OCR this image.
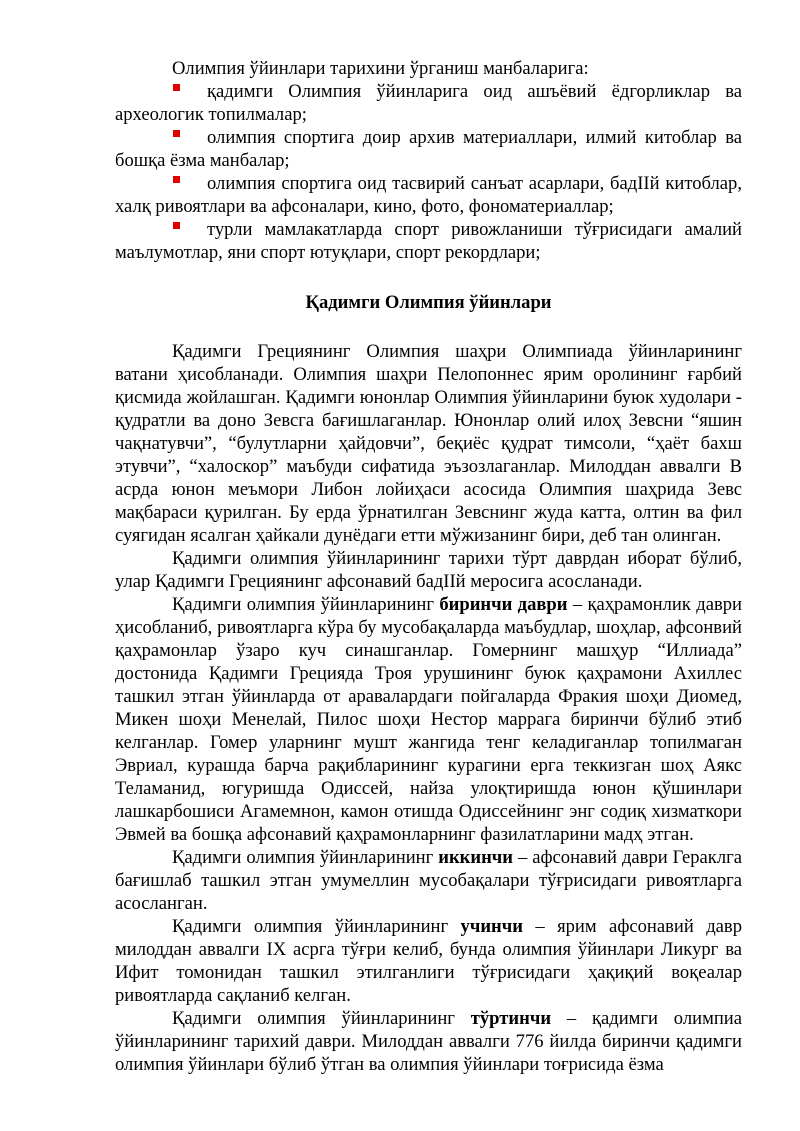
Олимпия ўйинлари тарихини ўрганиш манбаларига:

қадимги Олимпия ўйинларига оид ашъёвий ёдгорликлар ва археологик топилмалар;

олимпия спортига доир архив материаллари, илмий китоблар ва бошқа ёзма манбалар;

олимпия спортига оид тасвирий санъат асарлари, бадIIй китоблар, халқ ривоятлари ва афсоналари, кино, фото, фономатериаллар;

турли мамлакатларда спорт ривожланиши тўғрисидаги амалий маълумотлар, яни спорт ютуқлари, спорт рекордлари;

Қадимги Олимпия ўйинлари

Қадимги Грециянинг Олимпия шаҳри Олимпиада ўйинларининг ватани ҳисобланади. Олимпия шаҳри Пелопоннес ярим оролининг ғарбий қисмида жойлашган. Қадимги юнонлар Олимпия ўйинларини буюк худолари - қудратли ва доно Зевсга бағишлаганлар. Юнонлар олий илоҳ Зевсни “яшин чақнатувчи”, “булутларни ҳайдовчи”, беқиёс қудрат тимсоли, “ҳаёт бахш этувчи”, “халоскор” маъбуди сифатида эъзозлаганлар. Милоддан аввалги В асрда юнон меъмори Либон лойиҳаси асосида Олимпия шаҳрида Зевс мақбараси қурилган. Бу ерда ўрнатилган Зевснинг жуда катта, олтин ва фил суягидан ясалган ҳайкали дунёдаги етти мўжизанинг бири, деб тан олинган.

Қадимги олимпия ўйинларининг тарихи тўрт даврдан иборат бўлиб, улар Қадимги Грециянинг афсонавий бадIIй меросига асосланади.

Қадимги олимпия ўйинларининг биринчи даври – қаҳрамонлик даври ҳисобланиб, ривоятларга кўра бу мусобақаларда маъбудлар, шоҳлар, афсонвий қаҳрамонлар ўзаро куч синашганлар. Гомернинг машҳур “Иллиада” достонида Қадимги Грецияда Троя урушининг буюк қаҳрамони Ахиллес ташкил этган ўйинларда от аравалардаги пойгаларда Фракия шоҳи Диомед, Микен шоҳи Менелай, Пилос шоҳи Нестор маррага биринчи бўлиб этиб келганлар. Гомер уларнинг мушт жангида тенг келадиганлар топилмаган Эвриал, курашда барча рақибларининг курагини ерга теккизган шоҳ Аякс Теламанид, югуришда Одиссей, найза улоқтиришда юнон қўшинлари лашкарбошиси Агамемнон, камон отишда Одиссейнинг энг содиқ хизматкори Эвмей ва бошқа афсонавий қаҳрамонларнинг фазилатларини мадҳ этган.

Қадимги олимпия ўйинларининг иккинчи – афсонавий даври Гераклга бағишлаб ташкил этган умумеллин мусобақалари тўғрисидаги ривоятларга асосланган.

Қадимги олимпия ўйинларининг учинчи – ярим афсонавий давр милоддан аввалги IХ асрга тўғри келиб, бунда олимпия ўйинлари Ликург ва Ифит томонидан ташкил этилганлиги тўғрисидаги ҳақиқий воқеалар ривоятларда сақланиб келган.

Қадимги олимпия ўйинларининг тўртинчи – қадимги олимпиа ўйинларининг тарихий даври. Милоддан аввалги 776 йилда биринчи қадимги олимпия ўйинлари бўлиб ўтган ва олимпия ўйинлари тоғрисида ёзма
